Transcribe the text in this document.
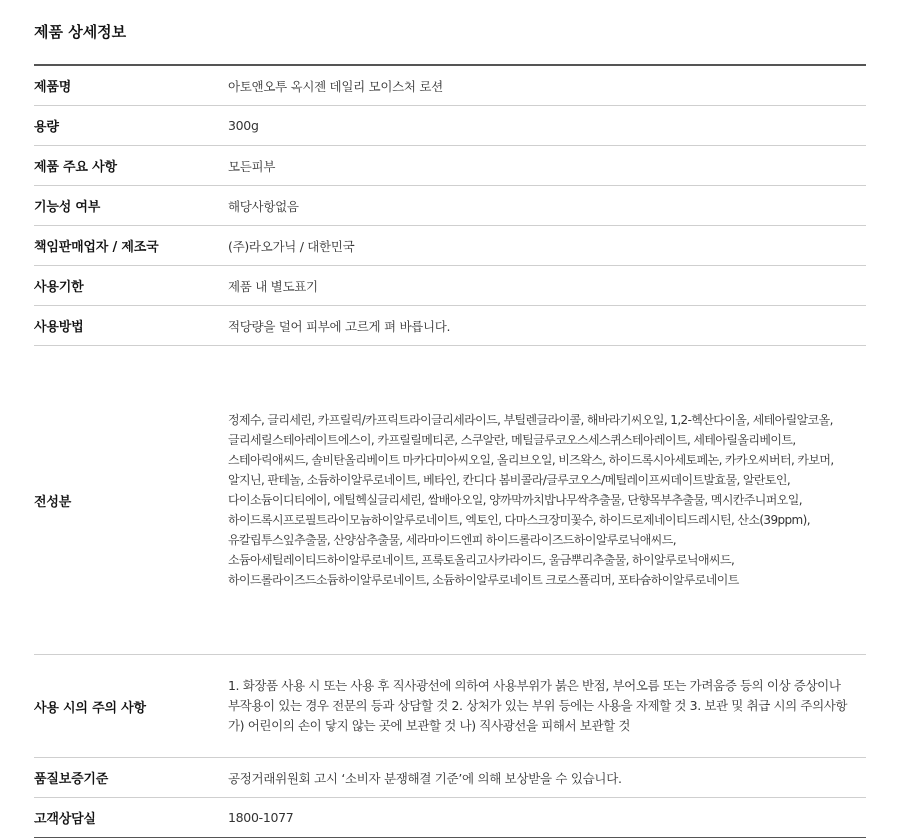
제품 상세정보
제품명	아토앤오투 옥시젠 데일리 모이스처 로션
용량	300g
제품 주요 사항	모든피부
기능성 여부	해당사항없음
책임판매업자 / 제조국	(주)라오가닉 / 대한민국
사용기한	제품 내 별도표기
사용방법	적당량을 덜어 피부에 고르게 펴 바릅니다.
전성분	정제수, 글리세린, 카프릴릭/카프릭트라이글리세라이드, 부틸렌글라이콜, 해바라기씨오일, 1,2-헥산다이올, 세테아릴알코올, 글리세릴스테아레이트에스이, 카프릴릴메티콘, 스쿠알란, 메틸글루코오스세스퀴스테아레이트, 세테아릴올리베이트, 스테아릭애씨드, 솔비탄올리베이트 마카다미아씨오일, 올리브오일, 비즈왁스, 하이드록시아세토페논, 카카오씨버터, 카보머, 알지닌, 판테놀, 소듐하이알루로네이트, 베타인, 칸디다 봄비콜라/글루코오스/메틸레이프씨데이트발효물, 알란토인, 다이소듐이디티에이, 에틸헥실글리세린, 쌀배아오일, 양까막까치밥나무싹추출물, 단향목부추출물, 멕시칸주니퍼오일, 하이드록시프로필트라이모늄하이알루로네이트, 엑토인, 다마스크장미꽃수, 하이드로제네이티드레시틴, 산소(39ppm), 유칼립투스잎추출물, 산양삼추출물, 세라마이드엔피 하이드롤라이즈드하이알루로닉애씨드, 소듐아세틸레이티드하이알루로네이트, 프룩토올리고사카라이드, 울금뿌리추출물, 하이알루로닉애씨드, 하이드롤라이즈드소듐하이알루로네이트, 소듐하이알루로네이트 크로스폴리머, 포타슘하이알루로네이트
사용 시의 주의 사항	1. 화장품 사용 시 또는 사용 후 직사광선에 의하여 사용부위가 붉은 반점, 부어오름 또는 가려움증 등의 이상 증상이나 부작용이 있는 경우 전문의 등과 상담할 것 2. 상처가 있는 부위 등에는 사용을 자제할 것 3. 보관 및 취급 시의 주의사항 가) 어린이의 손이 닿지 않는 곳에 보관할 것 나) 직사광선을 피해서 보관할 것
품질보증기준	공정거래위원회 고시 ‘소비자 분쟁해결 기준’에 의해 보상받을 수 있습니다.
고객상담실	1800-1077
